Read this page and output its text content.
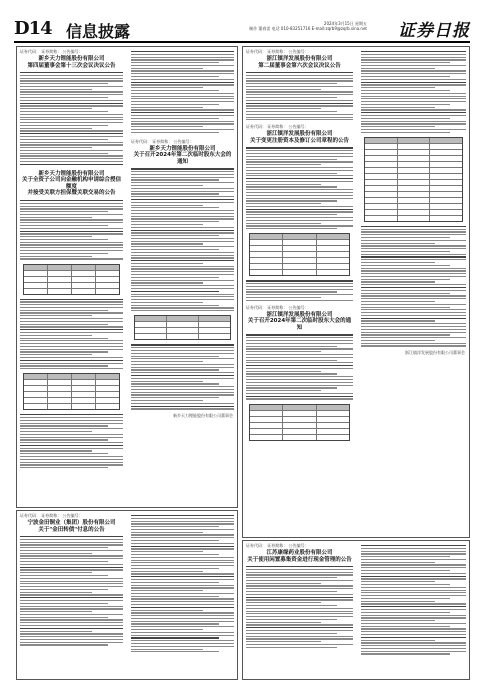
D14 信息披露	2024年3月15日 星期五
制作 董春雷 电话 010-83251716 E-mail:zqrb9@zqrb.sina.net 证券日报
证券代码： 证券简称： 公告编号：
新乡天力锂能股份有限公司
第四届董事会第十三次会议决议公告
新乡天力锂能股份有限公司
关于全资子公司向金融机构申请综合授信额度
并接受关联方担保暨关联交易的公告
证券代码： 证券简称： 公告编号：
新乡天力锂能股份有限公司
关于召开2024年第二次临时股东大会的通知
新乡天力锂能股份有限公司董事会
证券代码： 证券简称： 公告编号：
宁波金田铜业（集团）股份有限公司
关于"金田转债"付息的公告
证券代码： 证券简称： 公告编号：
浙江镇洋发展股份有限公司
第二届董事会第六次会议决议公告
证券代码： 证券简称： 公告编号：
浙江镇洋发展股份有限公司
关于变更注册资本及修订公司章程的公告
证券代码： 证券简称： 公告编号：
浙江镇洋发展股份有限公司
关于召开2024年第二次临时股东大会的通知
浙江镇洋发展股份有限公司董事会
证券代码： 证券简称： 公告编号：
江苏康缘药业股份有限公司
关于使用闲置募集资金进行现金管理的公告
